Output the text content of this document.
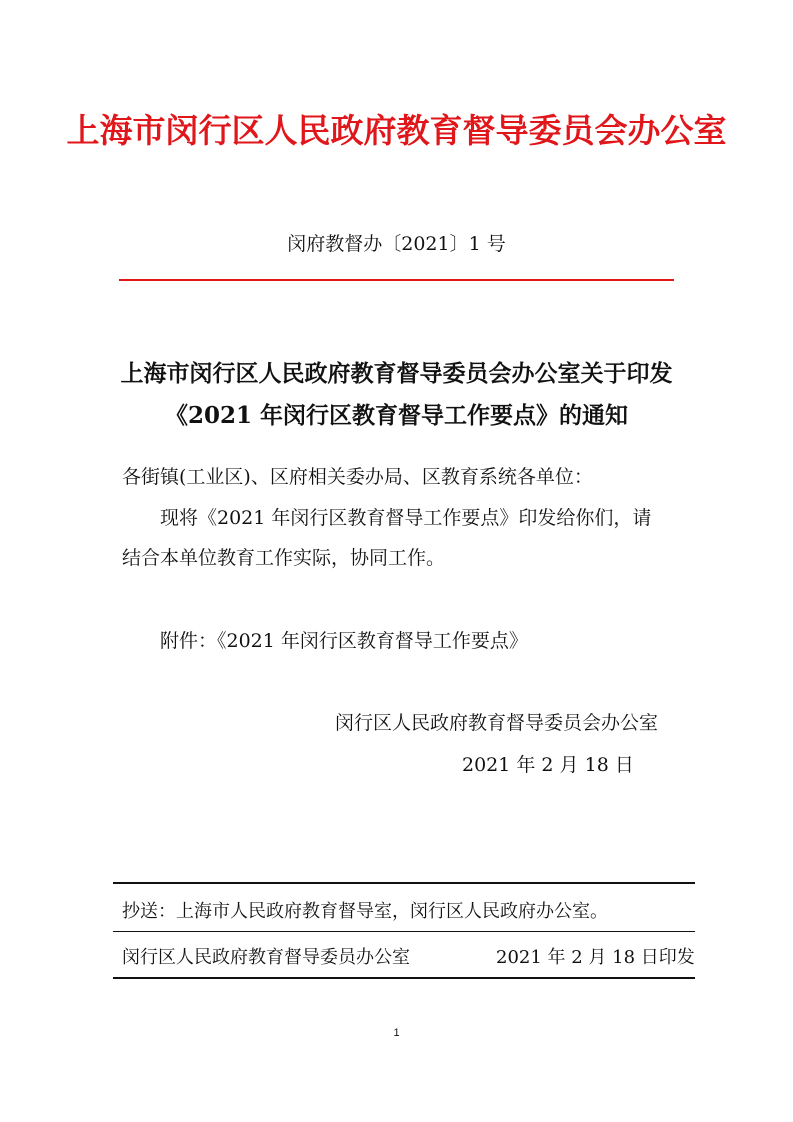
上海市闵行区人民政府教育督导委员会办公室
闵府教督办〔2021〕1 号
上海市闵行区人民政府教育督导委员会办公室关于印发
《2021 年闵行区教育督导工作要点》的通知
各街镇(工业区)、区府相关委办局、区教育系统各单位：
现将《2021 年闵行区教育督导工作要点》印发给你们，请
结合本单位教育工作实际，协同工作。
附件：《2021 年闵行区教育督导工作要点》
闵行区人民政府教育督导委员会办公室
2021 年 2 月 18 日
抄送：上海市人民政府教育督导室，闵行区人民政府办公室。
闵行区人民政府教育督导委员办公室	2021 年 2 月 18 日印发
1
